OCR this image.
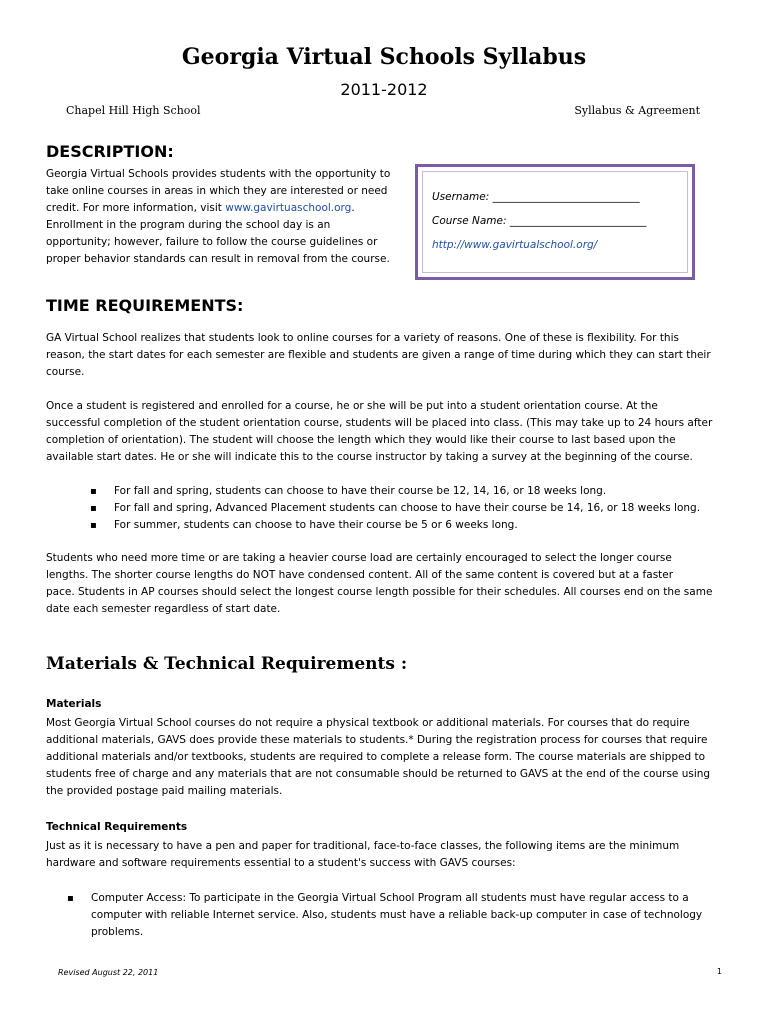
Georgia Virtual Schools Syllabus
2011-2012
Chapel Hill High School	Syllabus & Agreement
DESCRIPTION:
Georgia Virtual Schools provides students with the opportunity to
take online courses in areas in which they are interested or need
credit. For more information, visit www.gavirtuaschool.org.
Enrollment in the program during the school day is an
opportunity; however, failure to follow the course guidelines or
proper behavior standards can result in removal from the course.
Username: ____________________________
Course Name: __________________________
http://www.gavirtualschool.org/
TIME REQUIREMENTS:
GA Virtual School realizes that students look to online courses for a variety of reasons. One of these is flexibility. For this
reason, the start dates for each semester are flexible and students are given a range of time during which they can start their
course.
Once a student is registered and enrolled for a course, he or she will be put into a student orientation course. At the
successful completion of the student orientation course, students will be placed into class. (This may take up to 24 hours after
completion of orientation). The student will choose the length which they would like their course to last based upon the
available start dates. He or she will indicate this to the course instructor by taking a survey at the beginning of the course.
▪ For fall and spring, students can choose to have their course be 12, 14, 16, or 18 weeks long.
▪ For fall and spring, Advanced Placement students can choose to have their course be 14, 16, or 18 weeks long.
▪ For summer, students can choose to have their course be 5 or 6 weeks long.
Students who need more time or are taking a heavier course load are certainly encouraged to select the longer course
lengths. The shorter course lengths do NOT have condensed content. All of the same content is covered but at a faster
pace. Students in AP courses should select the longest course length possible for their schedules. All courses end on the same
date each semester regardless of start date.
Materials & Technical Requirements :
Materials
Most Georgia Virtual School courses do not require a physical textbook or additional materials. For courses that do require
additional materials, GAVS does provide these materials to students.* During the registration process for courses that require
additional materials and/or textbooks, students are required to complete a release form. The course materials are shipped to
students free of charge and any materials that are not consumable should be returned to GAVS at the end of the course using
the provided postage paid mailing materials.
Technical Requirements
Just as it is necessary to have a pen and paper for traditional, face-to-face classes, the following items are the minimum
hardware and software requirements essential to a student's success with GAVS courses:
▪ Computer Access: To participate in the Georgia Virtual School Program all students must have regular access to a
computer with reliable Internet service. Also, students must have a reliable back-up computer in case of technology
problems.
Revised August 22, 2011	1
